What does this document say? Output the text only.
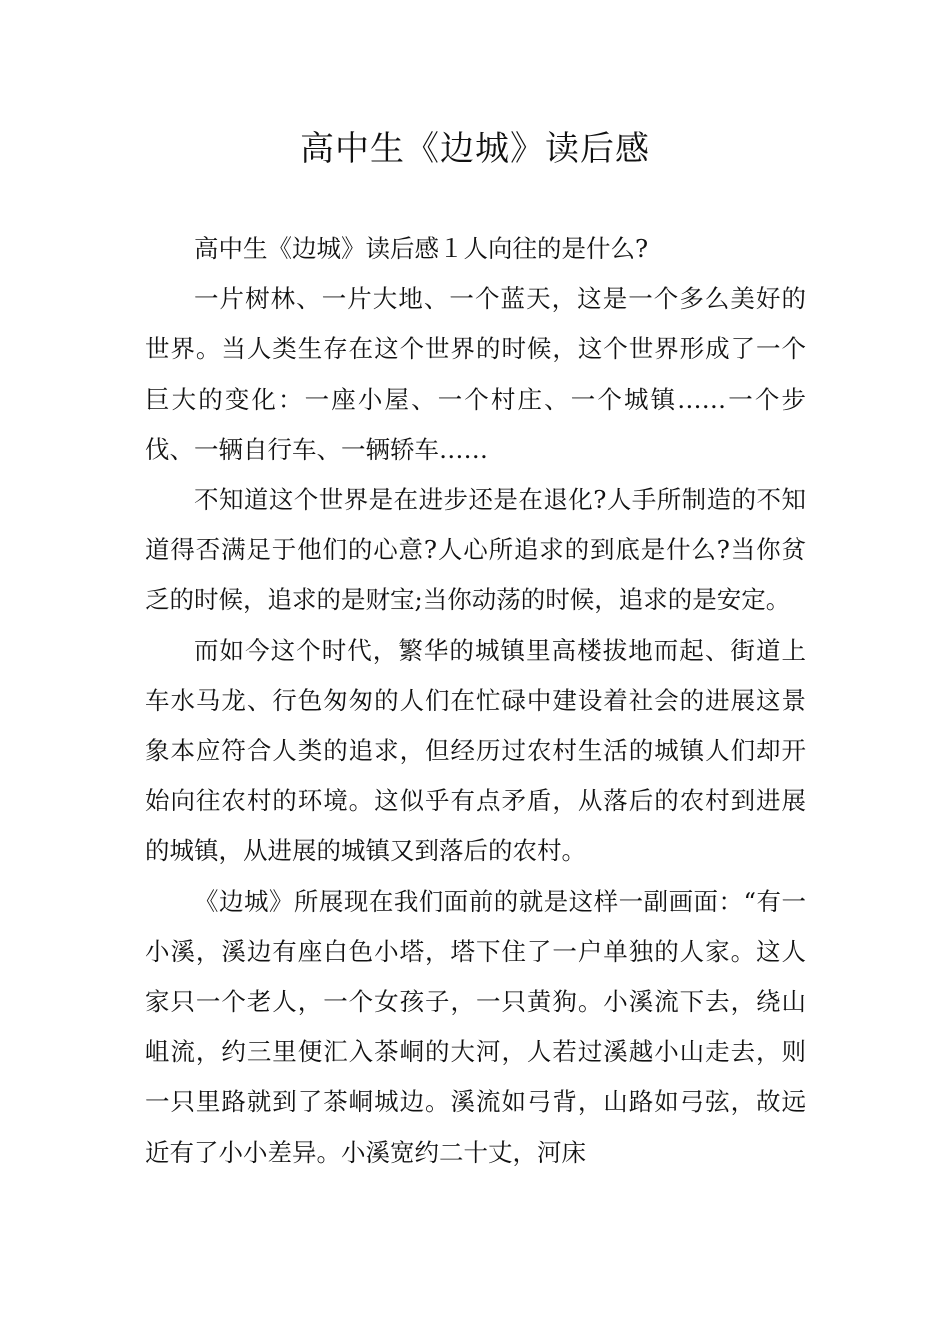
高中生《边城》读后感

高中生《边城》读后感１人向往的是什么?

一片树林、一片大地、一个蓝天，这是一个多么美好的世界。当人类生存在这个世界的时候，这个世界形成了一个巨大的变化：一座小屋、一个村庄、一个城镇……一个步伐、一辆自行车、一辆轿车……

不知道这个世界是在进步还是在退化?人手所制造的不知道得否满足于他们的心意?人心所追求的到底是什么?当你贫乏的时候，追求的是财宝;当你动荡的时候，追求的是安定。

而如今这个时代，繁华的城镇里高楼拔地而起、街道上车水马龙、行色匆匆的人们在忙碌中建设着社会的进展这景象本应符合人类的追求，但经历过农村生活的城镇人们却开始向往农村的环境。这似乎有点矛盾，从落后的农村到进展的城镇，从进展的城镇又到落后的农村。

《边城》所展现在我们面前的就是这样一副画面：“有一小溪，溪边有座白色小塔，塔下住了一户单独的人家。这人家只一个老人，一个女孩子，一只黄狗。小溪流下去，绕山岨流，约三里便汇入茶峒的大河，人若过溪越小山走去，则一只里路就到了茶峒城边。溪流如弓背，山路如弓弦，故远近有了小小差异。小溪宽约二十丈，河床
